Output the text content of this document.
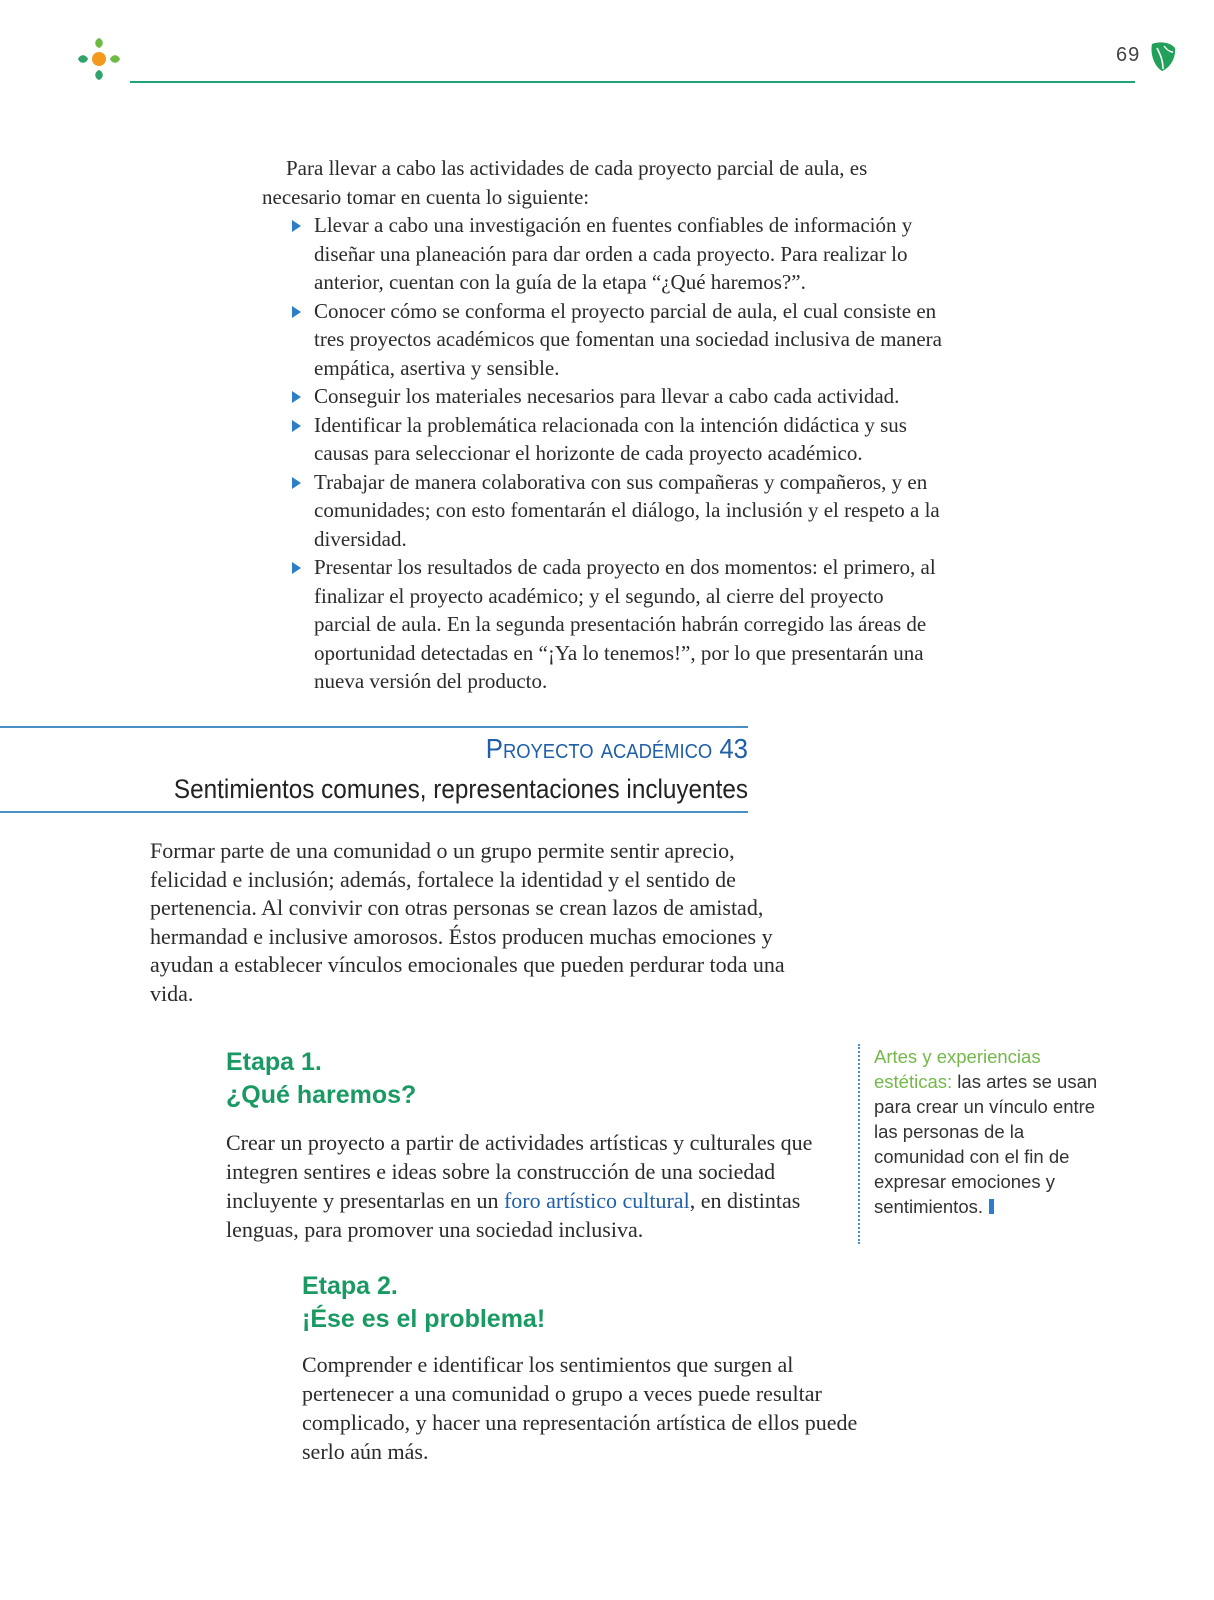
69

Para llevar a cabo las actividades de cada proyecto parcial de aula, es necesario tomar en cuenta lo siguiente:

Llevar a cabo una investigación en fuentes confiables de información y diseñar una planeación para dar orden a cada proyecto. Para realizar lo anterior, cuentan con la guía de la etapa “¿Qué haremos?”.
Conocer cómo se conforma el proyecto parcial de aula, el cual consiste en tres proyectos académicos que fomentan una sociedad inclusiva de manera empática, asertiva y sensible.
Conseguir los materiales necesarios para llevar a cabo cada actividad.
Identificar la problemática relacionada con la intención didáctica y sus causas para seleccionar el horizonte de cada proyecto académico.
Trabajar de manera colaborativa con sus compañeras y compañeros, y en comunidades; con esto fomentarán el diálogo, la inclusión y el respeto a la diversidad.
Presentar los resultados de cada proyecto en dos momentos: el primero, al finalizar el proyecto académico; y el segundo, al cierre del proyecto parcial de aula. En la segunda presentación habrán corregido las áreas de oportunidad detectadas en “¡Ya lo tenemos!”, por lo que presentarán una nueva versión del producto.
Proyecto académico 43
Sentimientos comunes, representaciones incluyentes

Formar parte de una comunidad o un grupo permite sentir aprecio, felicidad e inclusión; además, fortalece la identidad y el sentido de pertenencia. Al convivir con otras personas se crean lazos de amistad, hermandad e inclusive amorosos. Éstos producen muchas emociones y ayudan a establecer vínculos emocionales que pueden perdurar toda una vida.

Etapa 1.
¿Qué haremos?

Crear un proyecto a partir de actividades artísticas y culturales que integren sentires e ideas sobre la construcción de una sociedad incluyente y presentarlas en un foro artístico cultural, en distintas lenguas, para promover una sociedad inclusiva.

Artes y experiencias estéticas: las artes se usan para crear un vínculo entre las personas de la comunidad con el fin de expresar emociones y sentimientos.
Etapa 2.
¡Ése es el problema!

Comprender e identificar los sentimientos que surgen al pertenecer a una comunidad o grupo a veces puede resultar complicado, y hacer una representación artística de ellos puede serlo aún más.
